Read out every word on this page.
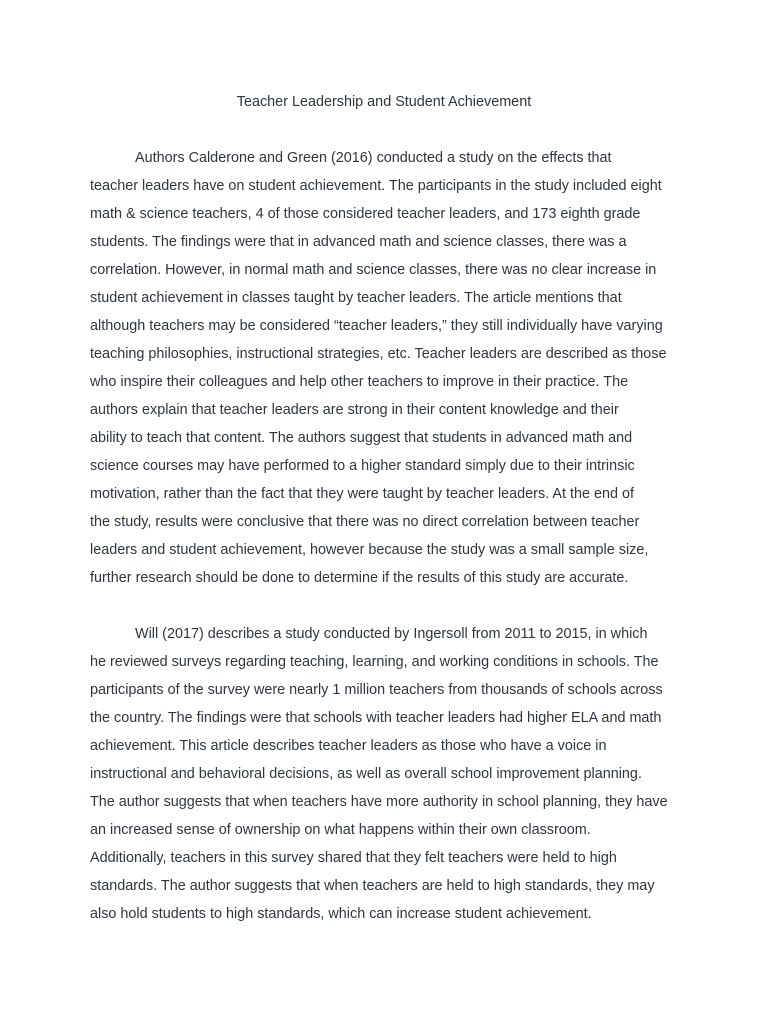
Teacher Leadership and Student Achievement
Authors Calderone and Green (2016) conducted a study on the effects that
teacher leaders have on student achievement. The participants in the study included eight
math & science teachers, 4 of those considered teacher leaders, and 173 eighth grade
students. The findings were that in advanced math and science classes, there was a
correlation. However, in normal math and science classes, there was no clear increase in
student achievement in classes taught by teacher leaders. The article mentions that
although teachers may be considered “teacher leaders,” they still individually have varying
teaching philosophies, instructional strategies, etc. Teacher leaders are described as those
who inspire their colleagues and help other teachers to improve in their practice. The
authors explain that teacher leaders are strong in their content knowledge and their
ability to teach that content. The authors suggest that students in advanced math and
science courses may have performed to a higher standard simply due to their intrinsic
motivation, rather than the fact that they were taught by teacher leaders. At the end of
the study, results were conclusive that there was no direct correlation between teacher
leaders and student achievement, however because the study was a small sample size,
further research should be done to determine if the results of this study are accurate.
Will (2017) describes a study conducted by Ingersoll from 2011 to 2015, in which
he reviewed surveys regarding teaching, learning, and working conditions in schools. The
participants of the survey were nearly 1 million teachers from thousands of schools across
the country. The findings were that schools with teacher leaders had higher ELA and math
achievement. This article describes teacher leaders as those who have a voice in
instructional and behavioral decisions, as well as overall school improvement planning.
The author suggests that when teachers have more authority in school planning, they have
an increased sense of ownership on what happens within their own classroom.
Additionally, teachers in this survey shared that they felt teachers were held to high
standards. The author suggests that when teachers are held to high standards, they may
also hold students to high standards, which can increase student achievement.
